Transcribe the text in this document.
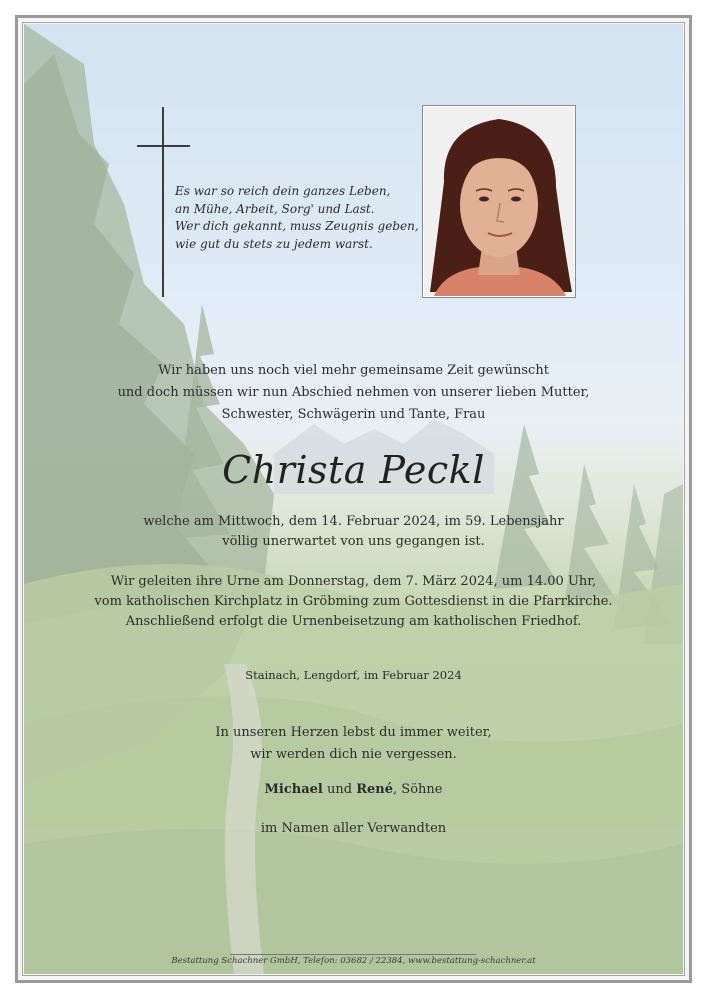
Es war so reich dein ganzes Leben,
an Mühe, Arbeit, Sorg' und Last.
Wer dich gekannt, muss Zeugnis geben,
wie gut du stets zu jedem warst.
Wir haben uns noch viel mehr gemeinsame Zeit gewünscht
und doch müssen wir nun Abschied nehmen von unserer lieben Mutter,
Schwester, Schwägerin und Tante, Frau
Christa Peckl
welche am Mittwoch, dem 14. Februar 2024, im 59. Lebensjahr
völlig unerwartet von uns gegangen ist.
Wir geleiten ihre Urne am Donnerstag, dem 7. März 2024, um 14.00 Uhr,
vom katholischen Kirchplatz in Gröbming zum Gottesdienst in die Pfarrkirche.
Anschließend erfolgt die Urnenbeisetzung am katholischen Friedhof.
Stainach, Lengdorf, im Februar 2024
In unseren Herzen lebst du immer weiter,
wir werden dich nie vergessen.
Michael und René, Söhne
im Namen aller Verwandten
Bestattung Schachner GmbH, Telefon: 03682 / 22384, www.bestattung-schachner.at
